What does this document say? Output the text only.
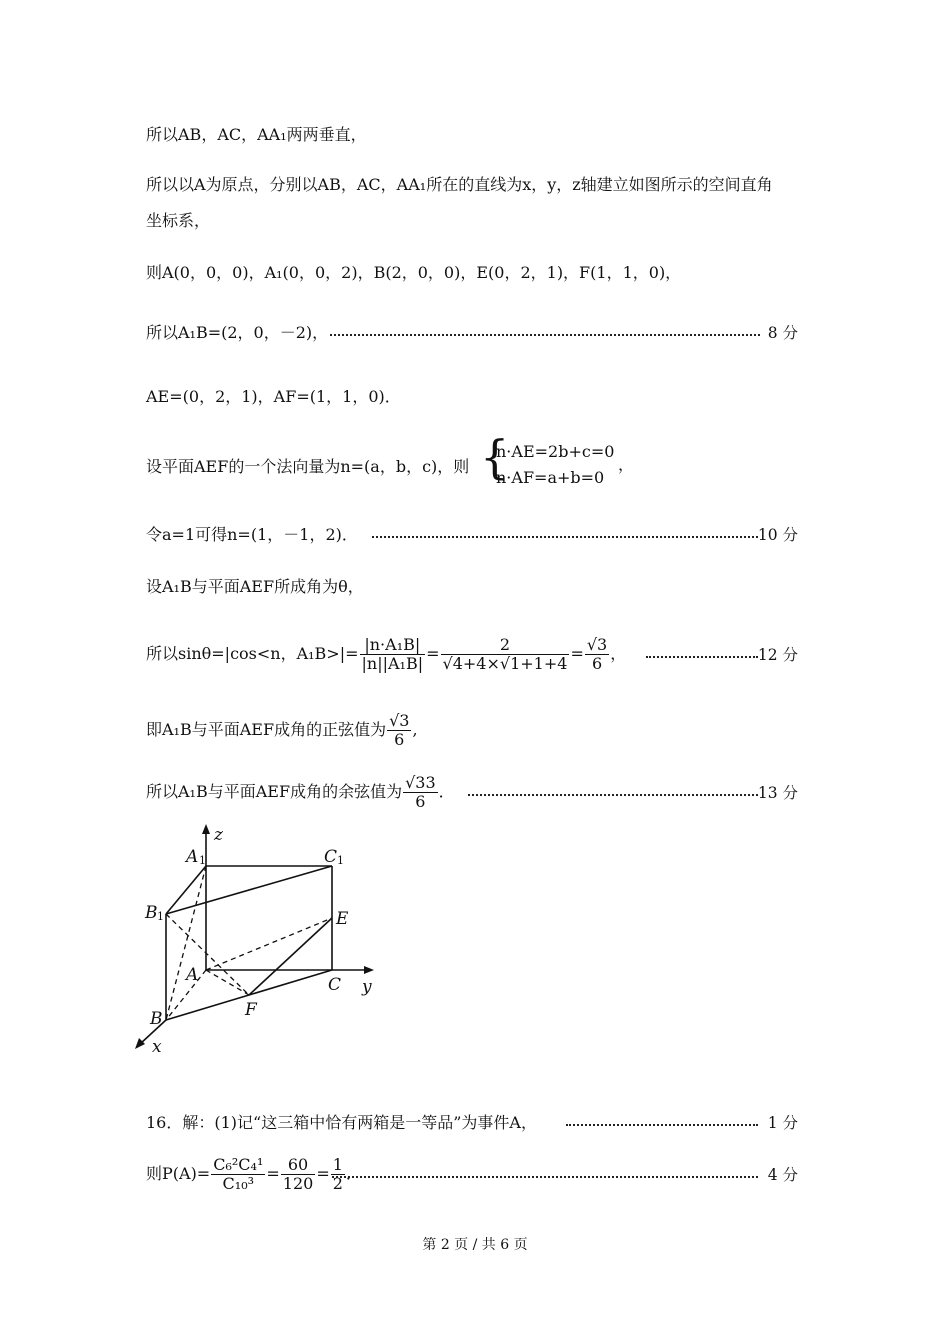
所以AB，AC，AA₁两两垂直，
所以以A为原点，分别以AB，AC，AA₁所在的直线为x，y，z轴建立如图所示的空间直角
坐标系，
则A(0，0，0)，A₁(0，0，2)，B(2，0，0)，E(0，2，1)，F(1，1，0)，
所以A₁B=(2，0，－2)，	8 分
AE=(0，2，1)，AF=(1，1，0)．
设平面AEF的一个法向量为n=(a，b，c)，则 {
n·AE=2b+c=0
n·AF=a+b=0
，
令a=1可得n=(1，－1，2)．	10 分
设A₁B与平面AEF所成角为θ，
所以sinθ=|cos<n，$A_1B>|= \frac{\text{|n·A₁B|}}{\text{|n||A₁B|}} = \frac{2}{√4+4\times√1+1+4} = \frac{√3}{6}$ ，	12 分
即A₁B与平面AEF成角的正弦值为 $\frac{√3}{6}$ ,
所以A₁B与平面AEF成角的余弦值为 $\frac{√33}{6}$ ．	13 分
z
y
x
A	C
B	E
A	C
F
B
1	1
1
16．解：(1)记“这三箱中恰有两箱是一等品”为事件A，	1 分
则$P(A)= \frac{\text{C₆²C₄¹}}{\text{C₁₀³}} = \frac{60}{120} = \frac{1}{2}$ ．	4 分
第 2 页 / 共 6 页
